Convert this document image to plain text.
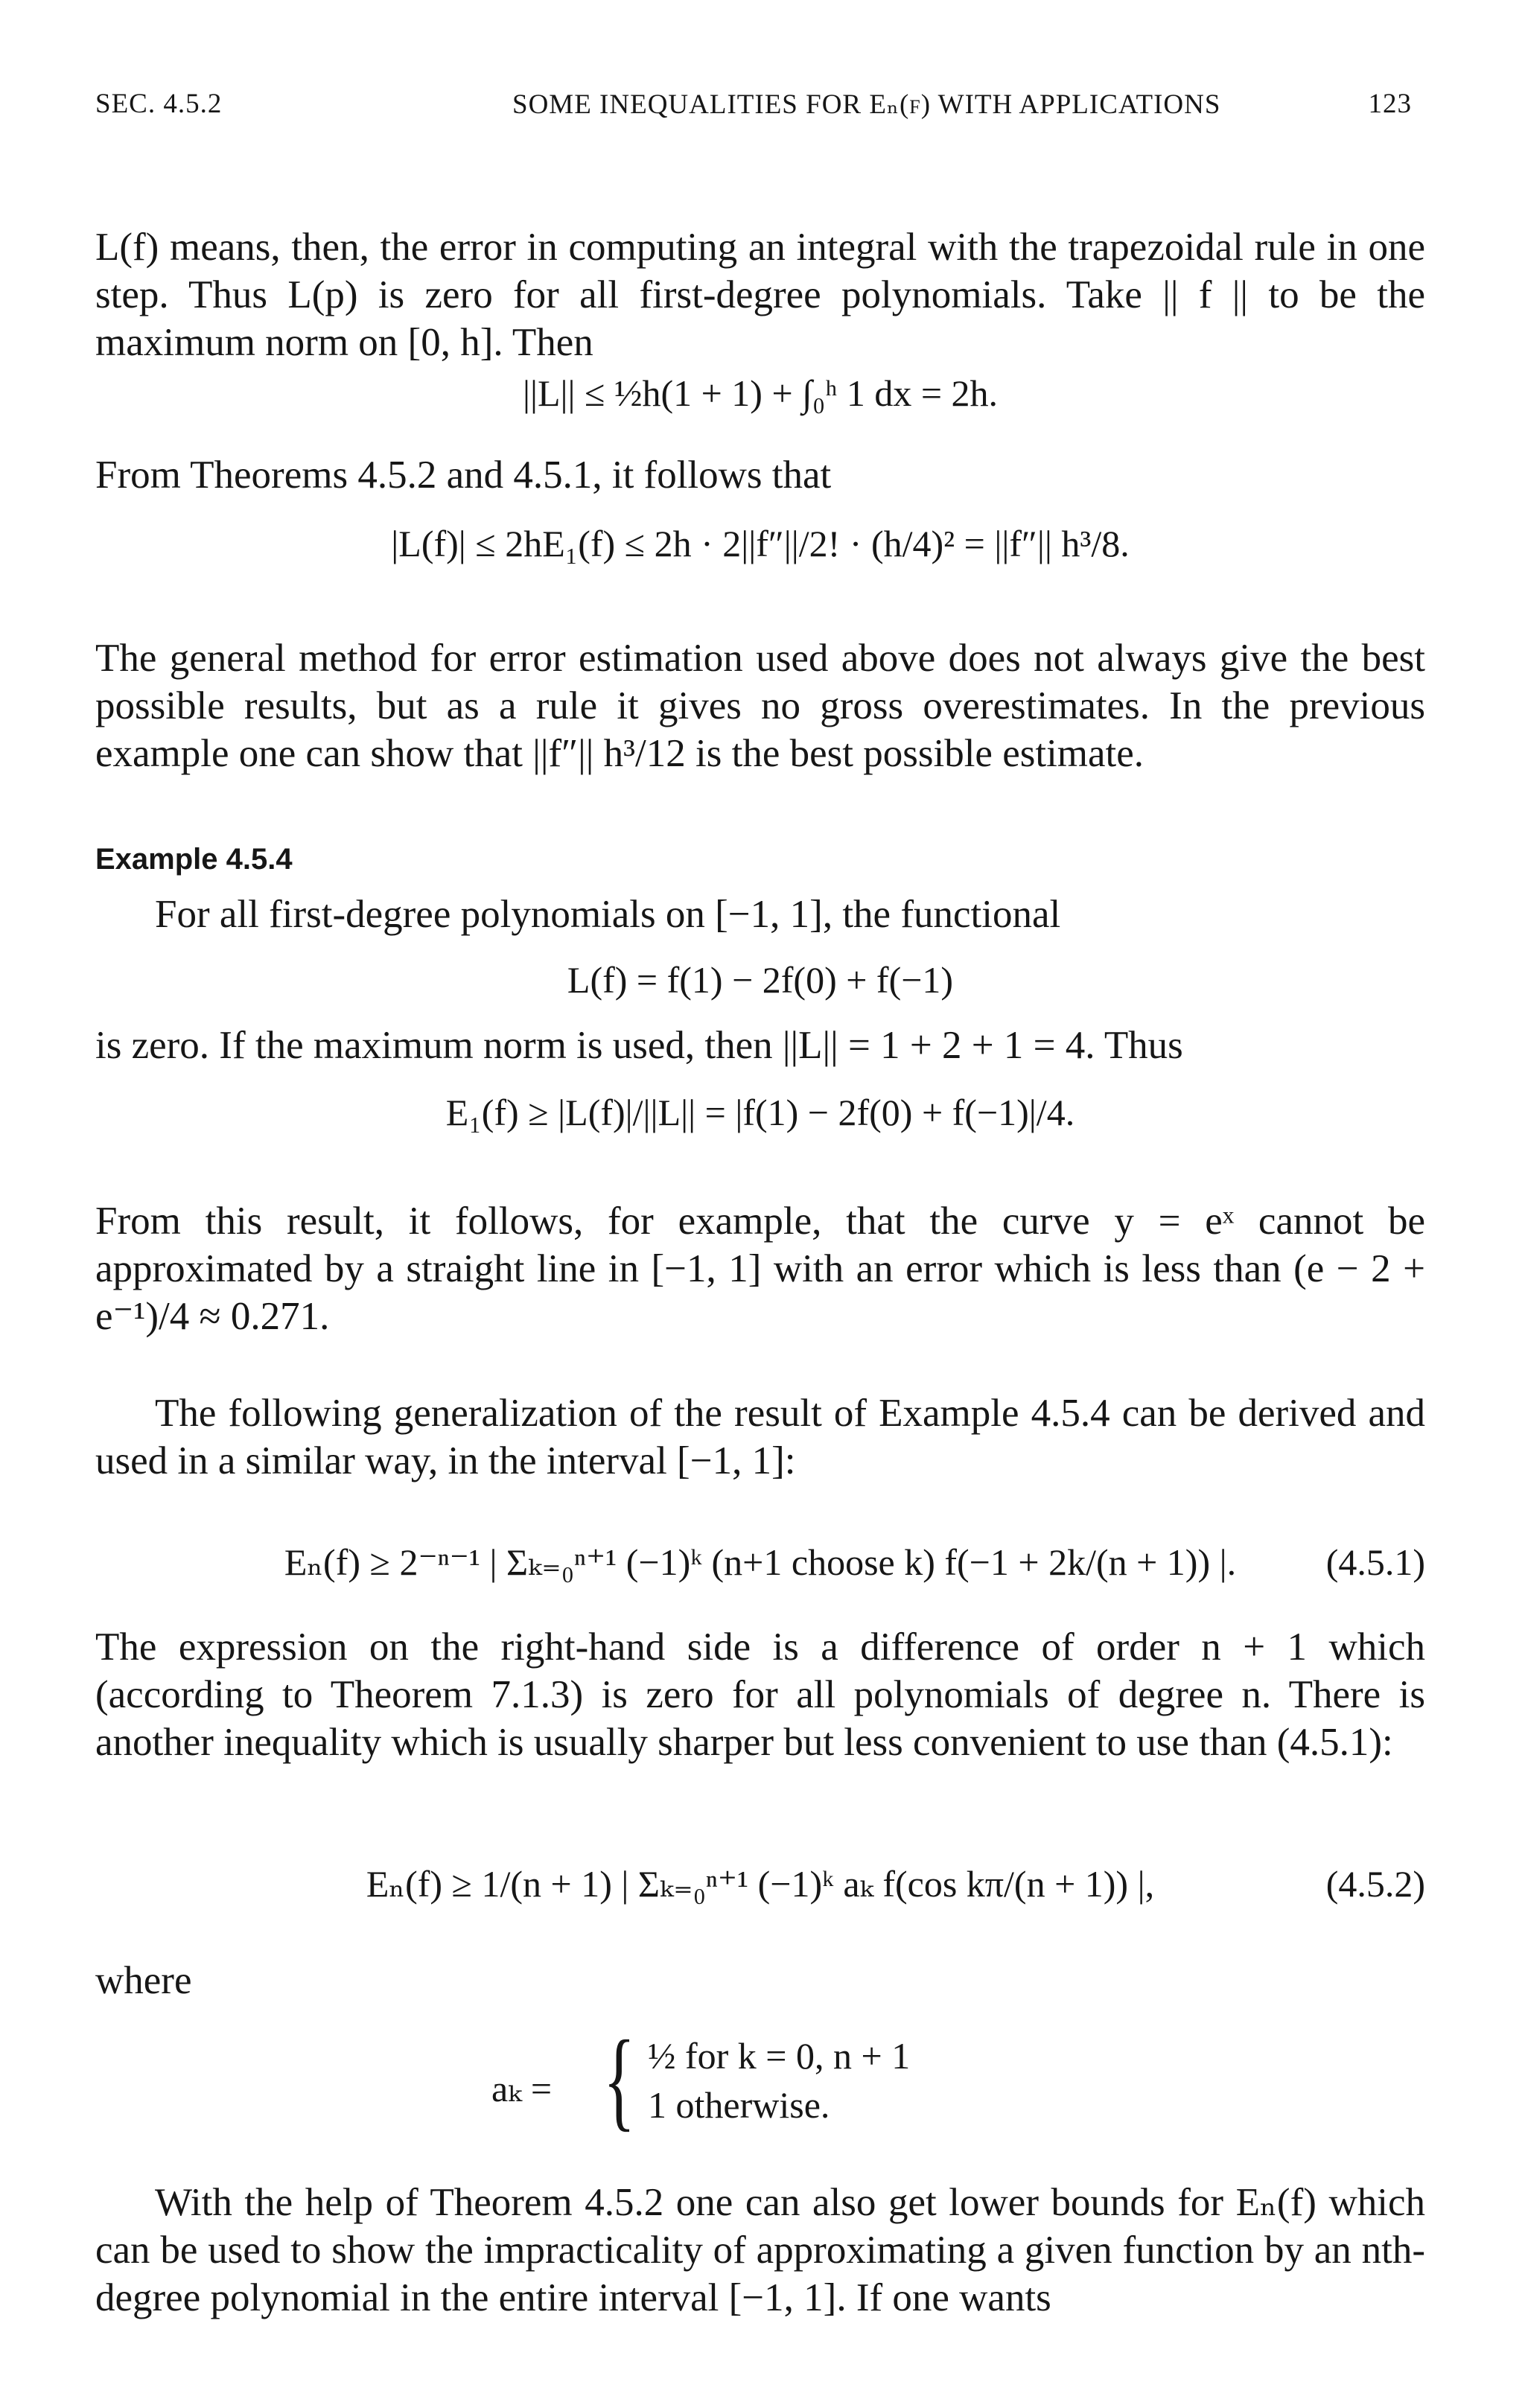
SEC. 4.5.2	SOME INEQUALITIES FOR Eₙ(f) WITH APPLICATIONS	123

L(f) means, then, the error in computing an integral with the trapezoidal rule in one step. Thus L(p) is zero for all first-degree polynomials. Take || f || to be the maximum norm on [0, h]. Then

||L|| ≤ ½h(1 + 1) + ∫₀ʰ 1 dx = 2h.

From Theorems 4.5.2 and 4.5.1, it follows that

|L(f)| ≤ 2hE₁(f) ≤ 2h · 2||f″||/2! · (h/4)² = ||f″|| h³/8.

The general method for error estimation used above does not always give the best possible results, but as a rule it gives no gross overestimates. In the previous example one can show that ||f″|| h³/12 is the best possible estimate.

Example 4.5.4

For all first-degree polynomials on [−1, 1], the functional

L(f) = f(1) − 2f(0) + f(−1)

is zero. If the maximum norm is used, then ||L|| = 1 + 2 + 1 = 4. Thus

E₁(f) ≥ |L(f)|/||L|| = |f(1) − 2f(0) + f(−1)|/4.

From this result, it follows, for example, that the curve y = eˣ cannot be approximated by a straight line in [−1, 1] with an error which is less than (e − 2 + e⁻¹)/4 ≈ 0.271.

The following generalization of the result of Example 4.5.4 can be derived and used in a similar way, in the interval [−1, 1]:

Eₙ(f) ≥ 2⁻ⁿ⁻¹ | Σₖ₌₀ⁿ⁺¹ (−1)ᵏ (n+1 choose k) f(−1 + 2k/(n + 1)) |.	(4.5.1)

The expression on the right-hand side is a difference of order n + 1 which (according to Theorem 7.1.3) is zero for all polynomials of degree n. There is another inequality which is usually sharper but less convenient to use than (4.5.1):

Eₙ(f) ≥ 1/(n + 1) | Σₖ₌₀ⁿ⁺¹ (−1)ᵏ aₖ f(cos kπ/(n + 1)) |,	(4.5.2)
where
aₖ = { ½ for k = 0, n + 1
1 otherwise.

With the help of Theorem 4.5.2 one can also get lower bounds for Eₙ(f) which can be used to show the impracticality of approximating a given function by an nth-degree polynomial in the entire interval [−1, 1]. If one wants
